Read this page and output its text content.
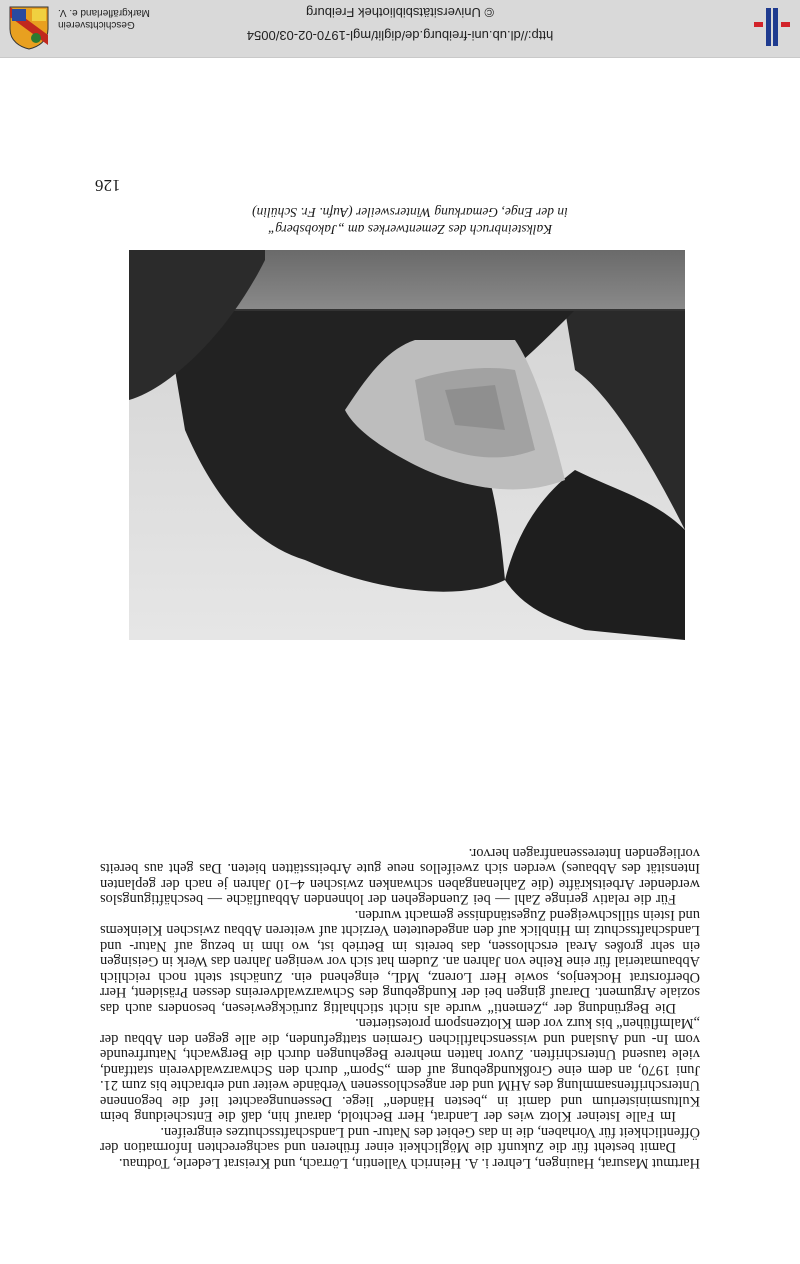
© Universitätsbibliothek Freiburg
http://dl.ub.uni-freiburg.de/diglit/mgl-1970-02-03/0054
Geschichtsverein
Markgräflerland e. V.

Hartmut Masurat, Hauingen, Lehrer i. A. Heinrich Vallentin, Lörrach, und Kreisrat Lederle, Todtnau.

Damit besteht für die Zukunft die Möglichkeit einer früheren und sachgerechten Information der Öffentlichkeit für Vorhaben, die in das Gebiet des Natur- und Landschaftsschutzes eingreifen.

Im Falle Isteiner Klotz wies der Landrat, Herr Bechtold, darauf hin, daß die Entscheidung beim Kultusministerium und damit in „besten Händen“ liege. Dessenungeachtet lief die begonnene Unterschriftensammlung des AHM und der angeschlossenen Verbände weiter und erbrachte bis zum 21. Juni 1970, an dem eine Großkundgebung auf dem „Sporn“ durch den Schwarzwaldverein stattfand, viele tausend Unterschriften. Zuvor hatten mehrere Begehungen durch die Bergwacht, Naturfreunde vom In- und Ausland und wissenschaftlichen Gremien stattgefunden, die alle gegen den Abbau der „Malmflühen“ bis kurz vor dem Klotzensporn protestierten.

Die Begründung der „Zementi“ wurde als nicht stichhaltig zurückgewiesen, besonders auch das soziale Argument. Darauf gingen bei der Kundgebung des Schwarzwaldvereins dessen Präsident, Herr Oberforstrat Hockenjos, sowie Herr Lorenz, MdL, eingehend ein. Zunächst steht noch reichlich Abbaumaterial für eine Reihe von Jahren an. Zudem hat sich vor wenigen Jahren das Werk in Geisingen ein sehr großes Areal erschlossen, das bereits im Betrieb ist, wo ihm in bezug auf Natur- und Landschaftsschutz im Hinblick auf den angedeuteten Verzicht auf weiteren Abbau zwischen Kleinkems und Istein stillschweigend Zugeständnisse gemacht wurden.

Für die relativ geringe Zahl — bei Zuendegehen der lohnenden Abbaufläche — beschäftigungslos werdender Arbeitskräfte (die Zahlenangaben schwanken zwischen 4–10 Jahren je nach der geplanten Intensität des Abbaues) werden sich zweifellos neue gute Arbeitsstätten bieten. Das geht aus bereits vorliegenden Interessenanfragen hervor.

Kalksteinbruch des Zementwerkes am „Jakobsberg“
in der Enge, Gemarkung Wintersweiler (Aufn. Fr. Schülin)
126
